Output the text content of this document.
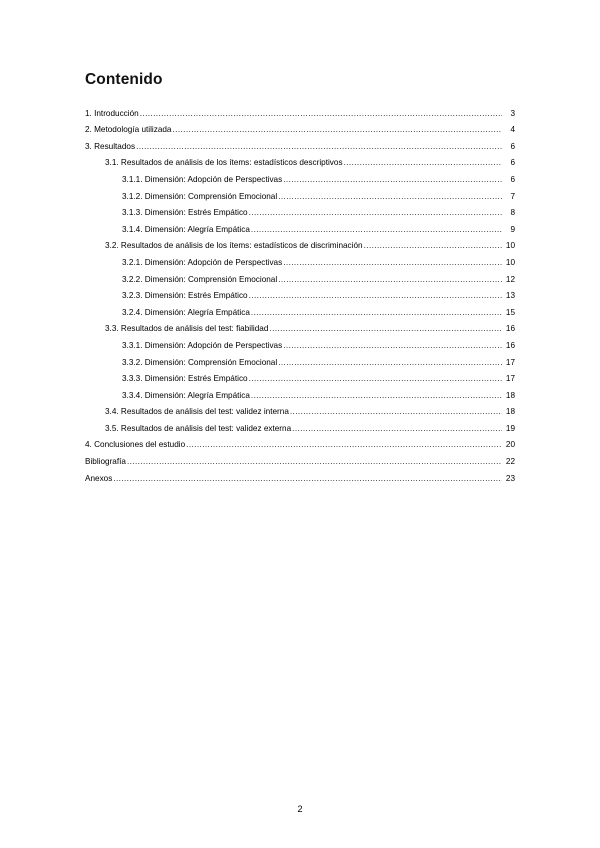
Contenido
1. Introducción .....	3
2. Metodología utilizada .....	4
3. Resultados .....	6
3.1. Resultados de análisis de los ítems: estadísticos descriptivos .....	6
3.1.1. Dimensión: Adopción de Perspectivas .....	6
3.1.2. Dimensión: Comprensión Emocional .....	7
3.1.3. Dimensión: Estrés Empático .....	8
3.1.4. Dimensión: Alegría Empática .....	9
3.2. Resultados de análisis de los ítems: estadísticos de discriminación .....	10
3.2.1. Dimensión: Adopción de Perspectivas .....	10
3.2.2. Dimensión: Comprensión Emocional .....	12
3.2.3. Dimensión: Estrés Empático .....	13
3.2.4. Dimensión: Alegría Empática .....	15
3.3. Resultados de análisis del test: fiabilidad .....	16
3.3.1. Dimensión: Adopción de Perspectivas .....	16
3.3.2. Dimensión: Comprensión Emocional .....	17
3.3.3. Dimensión: Estrés Empático .....	17
3.3.4. Dimensión: Alegría Empática .....	18
3.4. Resultados de análisis del test: validez interna .....	18
3.5. Resultados de análisis del test: validez externa .....	19
4. Conclusiones del estudio .....	20
Bibliografía .....	22
Anexos .....	23
2
